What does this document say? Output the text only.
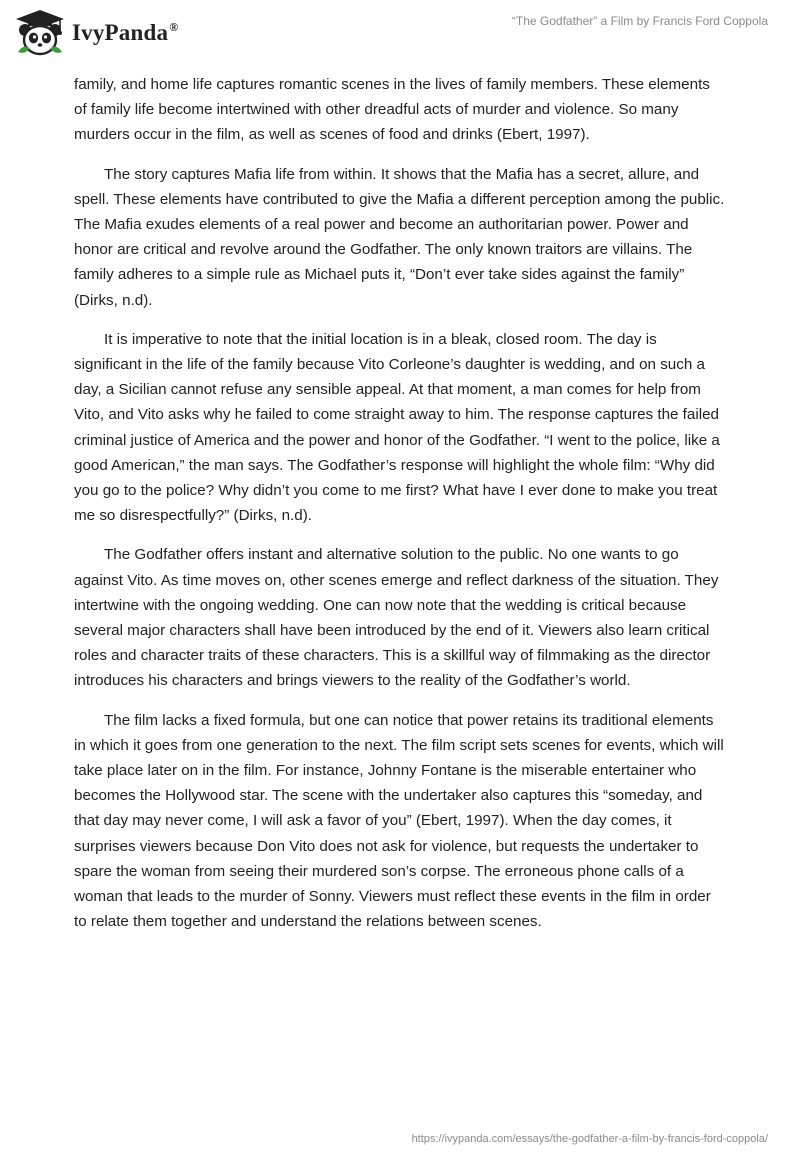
IvyPanda®	“The Godfather” a Film by Francis Ford Coppola

family, and home life captures romantic scenes in the lives of family members. These elements of family life become intertwined with other dreadful acts of murder and violence. So many murders occur in the film, as well as scenes of food and drinks (Ebert, 1997).

The story captures Mafia life from within. It shows that the Mafia has a secret, allure, and spell. These elements have contributed to give the Mafia a different perception among the public. The Mafia exudes elements of a real power and become an authoritarian power. Power and honor are critical and revolve around the Godfather. The only known traitors are villains. The family adheres to a simple rule as Michael puts it, “Don’t ever take sides against the family” (Dirks, n.d).

It is imperative to note that the initial location is in a bleak, closed room. The day is significant in the life of the family because Vito Corleone’s daughter is wedding, and on such a day, a Sicilian cannot refuse any sensible appeal. At that moment, a man comes for help from Vito, and Vito asks why he failed to come straight away to him. The response captures the failed criminal justice of America and the power and honor of the Godfather. “I went to the police, like a good American,” the man says. The Godfather’s response will highlight the whole film: “Why did you go to the police? Why didn’t you come to me first? What have I ever done to make you treat me so disrespectfully?” (Dirks, n.d).

The Godfather offers instant and alternative solution to the public. No one wants to go against Vito. As time moves on, other scenes emerge and reflect darkness of the situation. They intertwine with the ongoing wedding. One can now note that the wedding is critical because several major characters shall have been introduced by the end of it. Viewers also learn critical roles and character traits of these characters. This is a skillful way of filmmaking as the director introduces his characters and brings viewers to the reality of the Godfather’s world.

The film lacks a fixed formula, but one can notice that power retains its traditional elements in which it goes from one generation to the next. The film script sets scenes for events, which will take place later on in the film. For instance, Johnny Fontane is the miserable entertainer who becomes the Hollywood star. The scene with the undertaker also captures this “someday, and that day may never come, I will ask a favor of you” (Ebert, 1997). When the day comes, it surprises viewers because Don Vito does not ask for violence, but requests the undertaker to spare the woman from seeing their murdered son’s corpse. The erroneous phone calls of a woman that leads to the murder of Sonny. Viewers must reflect these events in the film in order to relate them together and understand the relations between scenes.

https://ivypanda.com/essays/the-godfather-a-film-by-francis-ford-coppola/
